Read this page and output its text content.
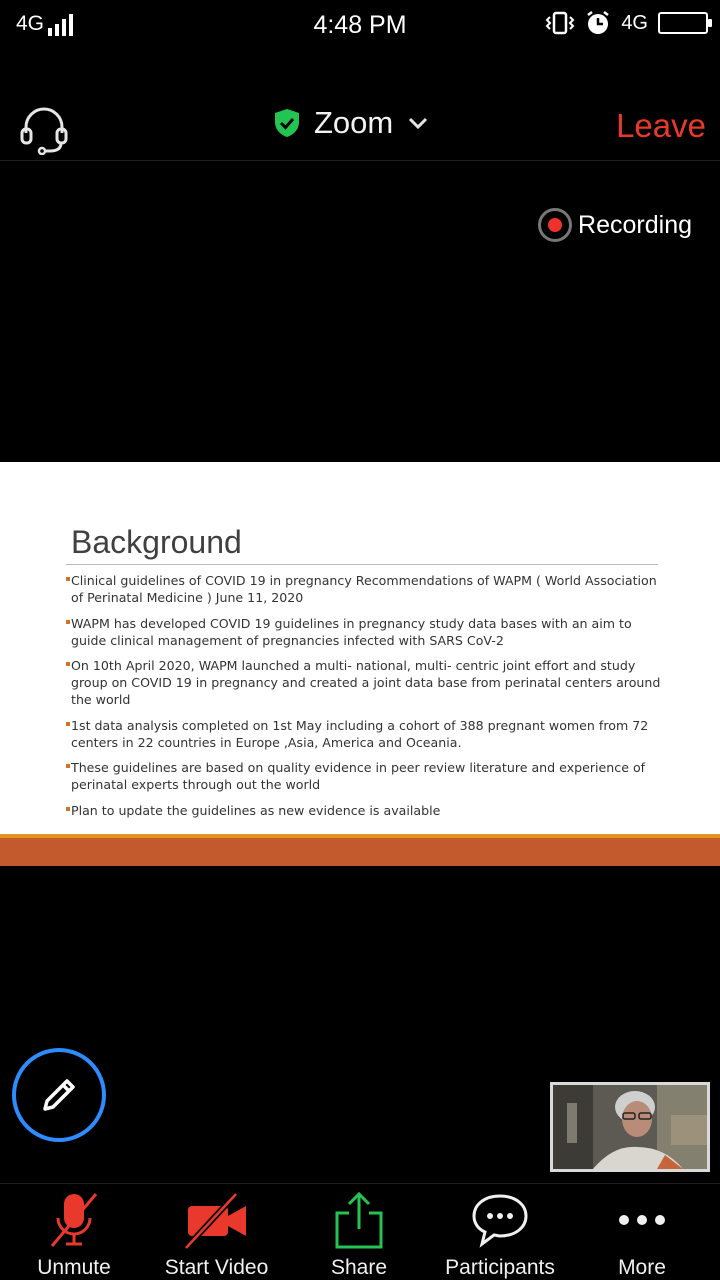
4G	4:48 PM	4G
Zoom	Leave
Recording
Background
Clinical guidelines of COVID 19 in pregnancy Recommendations of WAPM ( World Association of Perinatal Medicine ) June 11, 2020
WAPM has developed COVID 19 guidelines in pregnancy study data bases with an aim to guide clinical management of pregnancies infected with SARS CoV-2
On 10th April 2020, WAPM launched a multi- national, multi- centric joint effort and study group on COVID 19 in pregnancy and created a joint data base from perinatal centers around the world
1st data analysis completed on 1st May including a cohort of 388 pregnant women from 72 centers in 22 countries in Europe ,Asia, America and Oceania.
These guidelines are based on quality evidence in peer review literature and experience of perinatal experts through out the world
Plan to update the guidelines as new evidence is available
Unmute	Start Video	Share	Participants	More
